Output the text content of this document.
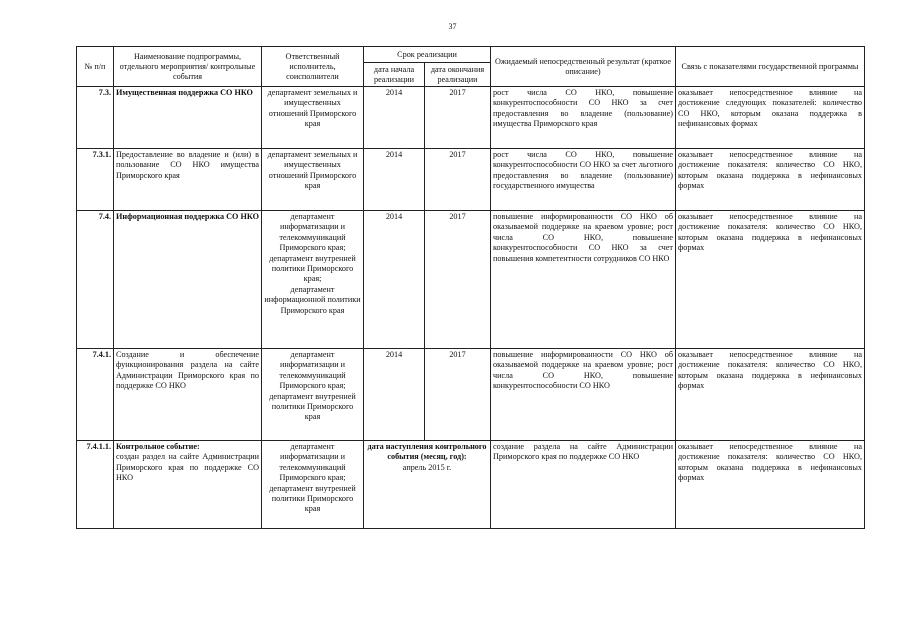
37
№ п/п	Наименование подпрограммы, отдельного мероприятия/ контрольные события	Ответственный исполнитель, соисполнители	Срок реализации		Ожидаемый непосредственный результат (краткое описание)	Связь с показателями государственной программы
			дата начала реализации	дата окончания реализации		
7.3.	Имущественная поддержка СО НКО	департамент земельных и имущественных отношений Приморского края	2014	2017	рост числа СО НКО, повышение конкурентоспособности СО НКО за счет предоставления во владение (пользование) имущества Приморского края	оказывает непосредственное влияние на достижение следующих показателей: количество СО НКО, которым оказана поддержка в нефинансовых формах
7.3.1.	Предоставление во владение и (или) в пользование СО НКО имущества Приморского края	департамент земельных и имущественных отношений Приморского края	2014	2017	рост числа СО НКО, повышение конкурентоспособности СО НКО за счет льготного предоставления во владение (пользование) государственного имущества	оказывает непосредственное влияние на достижение показателя: количество СО НКО, которым оказана поддержка в нефинансовых формах
7.4.	Информационная поддержка СО НКО	департамент информатизации и телекоммуникаций Приморского края;
департамент внутренней политики Приморского края;
департамент информационной политики Приморского края	2014	2017	повышение информированности СО НКО об оказываемой поддержке на краевом уровне; рост числа СО НКО, повышение конкурентоспособности СО НКО за счет повышения компетентности сотрудников СО НКО	оказывает непосредственное влияние на достижение показателя: количество СО НКО, которым оказана поддержка в нефинансовых формах
7.4.1.	Создание и обеспечение функционирования раздела на сайте Администрации Приморского края по поддержке СО НКО	департамент информатизации и телекоммуникаций Приморского края;
департамент внутренней политики Приморского края	2014	2017	повышение информированности СО НКО об оказываемой поддержке на краевом уровне; рост числа СО НКО, повышение конкурентоспособности СО НКО	оказывает непосредственное влияние на достижение показателя: количество СО НКО, которым оказана поддержка в нефинансовых формах
7.4.1.1.	Контрольное событие:
создан раздел на сайте Администрации Приморского края по поддержке СО НКО	департамент информатизации и телекоммуникаций Приморского края;
департамент внутренней политики Приморского края	дата наступления контрольного события (месяц, год):
апрель 2015 г.		создание раздела на сайте Администрации Приморского края по поддержке СО НКО	оказывает непосредственное влияние на достижение показателя: количество СО НКО, которым оказана поддержка в нефинансовых формах
